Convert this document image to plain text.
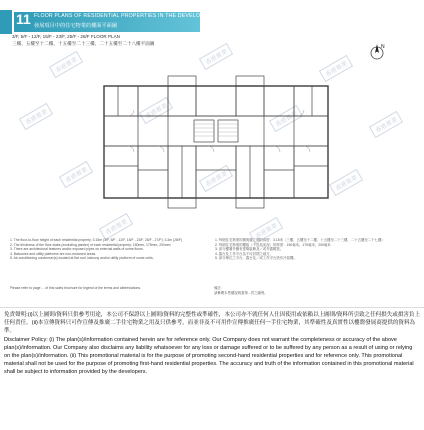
11 FLOOR PLANS OF RESIDENTIAL PROPERTIES IN THE DEVELOPMENT
發展項目中的住宅物業的樓面平面圖
3/F, 5/F - 12/F, 15/F - 23/F, 25/F - 28/F FLOOR PLAN
三樓、五樓至十二樓、十五樓至二十三樓、二十五樓至二十八樓平面圖
N
香港置業	香港置業
香港置業
香港置業	香港置業	香港置業	香港置業
香港置業	香港置業	香港置業
香港置業	香港置業
1. The floor-to-floor height of each residential property: 3.15m (3/F, 5/F - 12/F, 15/F - 23/F, 25/F - 27/F); 3.3m (28/F)
2. The thickness of the floor slabs (excluding plaster) of each residential property: 150mm, 175mm, 200mm
3. There are architectural features and/or exposed pipes on external walls of some floors.
4. Balconies and utility platforms are non-enclosed areas.
5. Air-conditioning condenser(s) located at flat roof, balcony and/or utility platform of some units.
1. 每個住宅物業的層與層之間的高度：3.15米（三樓、五樓至十二樓、十五樓至二十三樓、二十五樓至二十七樓）
2. 每個住宅物業的樓板（不包括灰泥）的厚度：150毫米、175毫米、200毫米
3. 部分樓層外牆有建築裝飾及／或外露喉管。
4. 露台及工作平台為不可封閉之地方。
5. 部分單位之平台、露台及／或工作平台設有冷氣機。
Please refer to page ... of this sales brochure for legend of the terms and abbreviations.	備註：
請參閱本售樓說明書第...頁之圖例。

免責聲明:(i)以上圖則/資料只供參考用途，本公司不保證以上圖則/資料的完整性或準確性，本公司亦不就任何人仕因使用或依賴以上圖則/資料所引致之任何損失或損害負上任何責任。(ii)本宣傳資料只可作宣傳及推廣二手住宅物業之用及只供參考，而並非及不可用作宣傳推廣任何一手住宅物業，其準確性及真實性以樓盤發展商提供的資料為準。

Disclaimer Policy: (i) The plan(s)/information contained herein are for reference only. Our Company does not warrant the completeness or accuracy of the above plan(s)/information. Our Company also disclaims any liability whatsoever for any loss or damage suffered or to be suffered by any person as a result of using or relying on the plan(s)/information. (ii) This promotional material is for the purpose of promoting second-hand residential properties and for reference only. This promotional material shall not be used for the purpose of promoting first-hand residential properties. The accuracy and truth of the information contained in this promotional material shall be subject to information provided by the developers.
